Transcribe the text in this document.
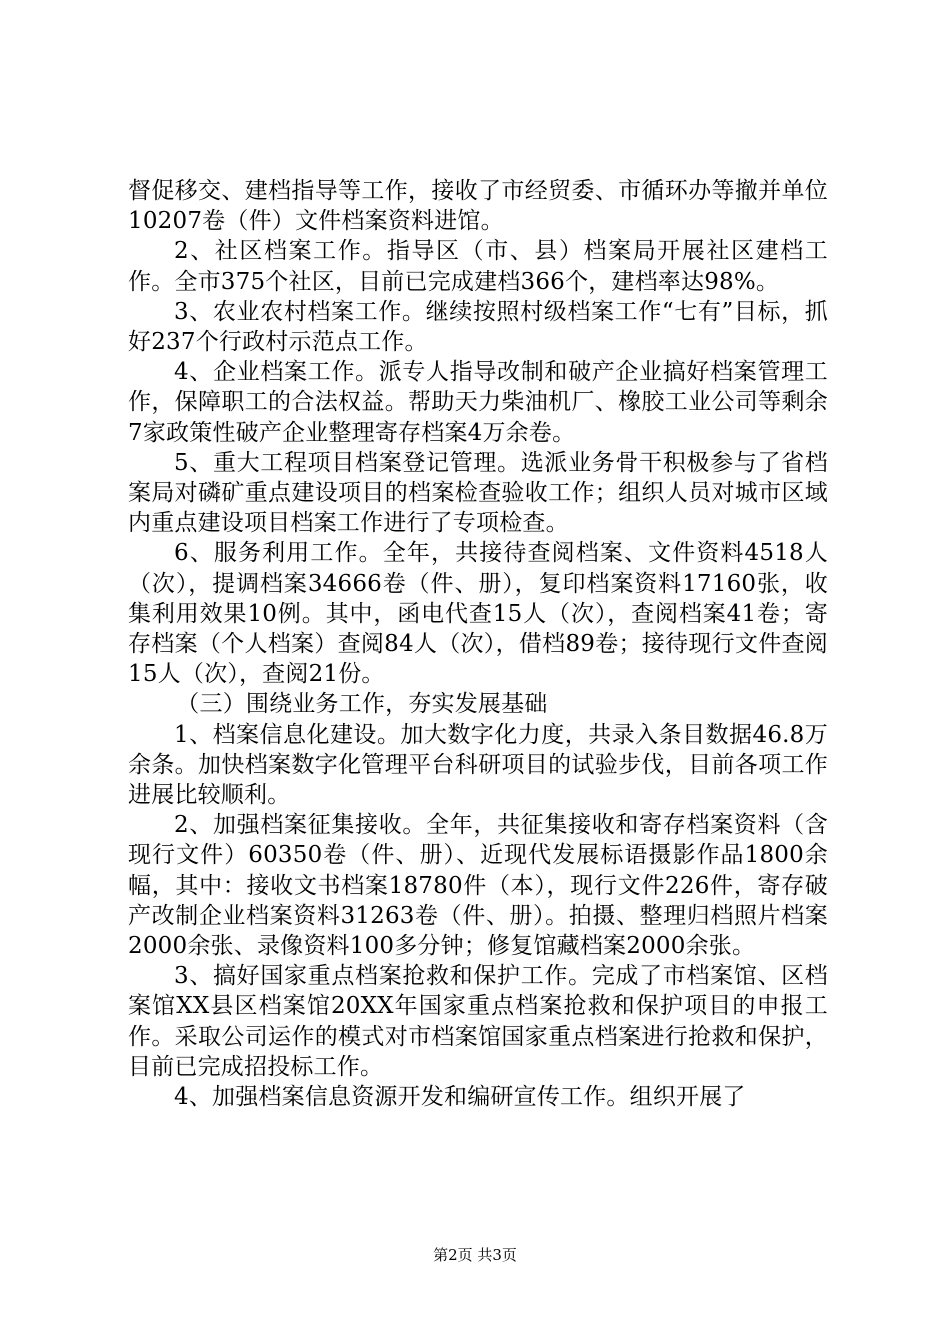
督促移交、建档指导等工作，接收了市经贸委、市循环办等撤并单位10207卷（件）文件档案资料进馆。

2、社区档案工作。指导区（市、县）档案局开展社区建档工作。全市375个社区，目前已完成建档366个，建档率达98%。

3、农业农村档案工作。继续按照村级档案工作“七有”目标，抓好237个行政村示范点工作。

4、企业档案工作。派专人指导改制和破产企业搞好档案管理工作，保障职工的合法权益。帮助天力柴油机厂、橡胶工业公司等剩余7家政策性破产企业整理寄存档案4万余卷。

5、重大工程项目档案登记管理。选派业务骨干积极参与了省档案局对磷矿重点建设项目的档案检查验收工作；组织人员对城市区域内重点建设项目档案工作进行了专项检查。

6、服务利用工作。全年，共接待查阅档案、文件资料4518人（次），提调档案34666卷（件、册），复印档案资料17160张，收集利用效果10例。其中，函电代查15人（次），查阅档案41卷；寄存档案（个人档案）查阅84人（次），借档89卷；接待现行文件查阅15人（次），查阅21份。

（三）围绕业务工作，夯实发展基础

1、档案信息化建设。加大数字化力度，共录入条目数据46.8万余条。加快档案数字化管理平台科研项目的试验步伐，目前各项工作进展比较顺利。

2、加强档案征集接收。全年，共征集接收和寄存档案资料（含现行文件）60350卷（件、册）、近现代发展标语摄影作品1800余幅，其中：接收文书档案18780件（本），现行文件226件，寄存破产改制企业档案资料31263卷（件、册）。拍摄、整理归档照片档案2000余张、录像资料100多分钟；修复馆藏档案2000余张。

3、搞好国家重点档案抢救和保护工作。完成了市档案馆、区档案馆XX县区档案馆20XX年国家重点档案抢救和保护项目的申报工作。采取公司运作的模式对市档案馆国家重点档案进行抢救和保护，目前已完成招投标工作。

4、加强档案信息资源开发和编研宣传工作。组织开展了

第2页 共3页
